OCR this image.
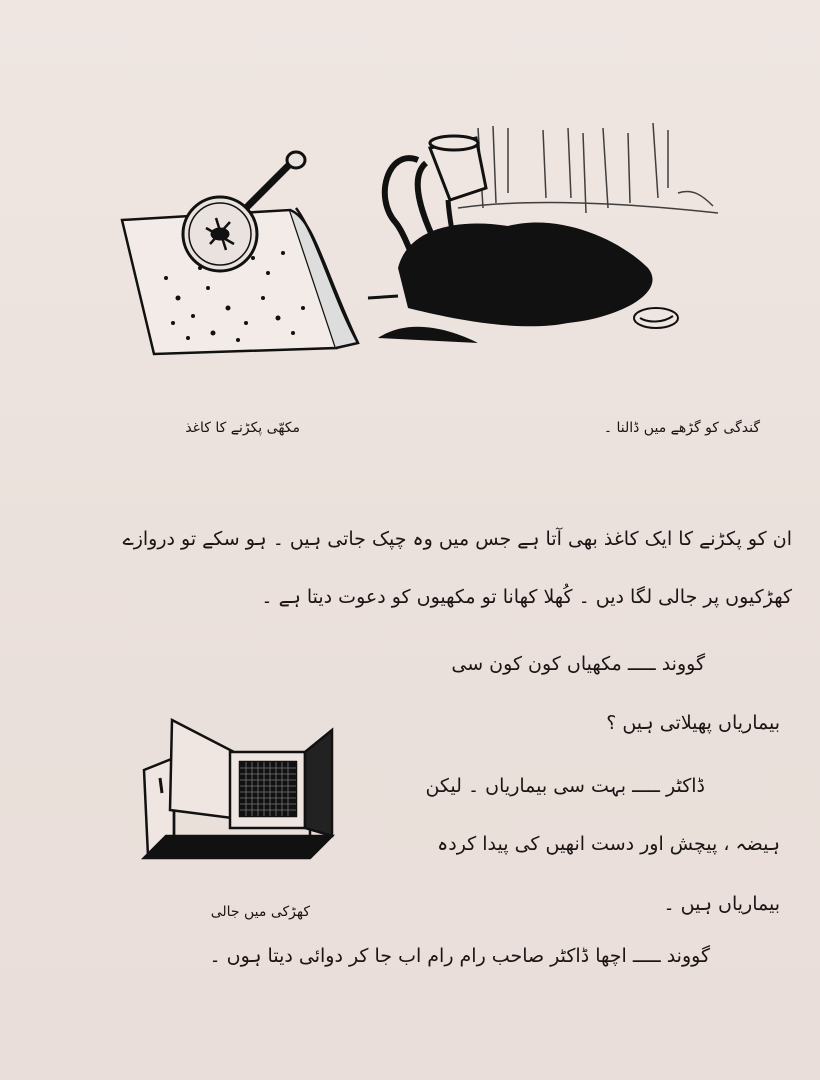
مکھّی پکڑنے کا کاغذ	گندگی کو گڑھے میں ڈالنا ۔
ان کو پکڑنے کا ایک کاغذ بھی آتا ہے جس میں وہ چپک جاتی ہیں ۔ ہو سکے تو دروازے
کھڑکیوں پر جالی لگا دیں ۔ کُھلا کھانا تو مکھیوں کو دعوت دیتا ہے ۔
گووند ـــــ مکھیاں کون کون سی
بیماریاں پھیلاتی ہیں ؟
ڈاکٹر ـــــ بہت سی بیماریاں ۔ لیکن
ہیضہ ، پیچش اور دست انھیں کی پیدا کردہ
بیماریاں ہیں ۔
گووند ـــــ اچھا ڈاکٹر صاحب رام رام اب جا کر دوائی دیتا ہوں ۔
کھڑکی میں جالی
